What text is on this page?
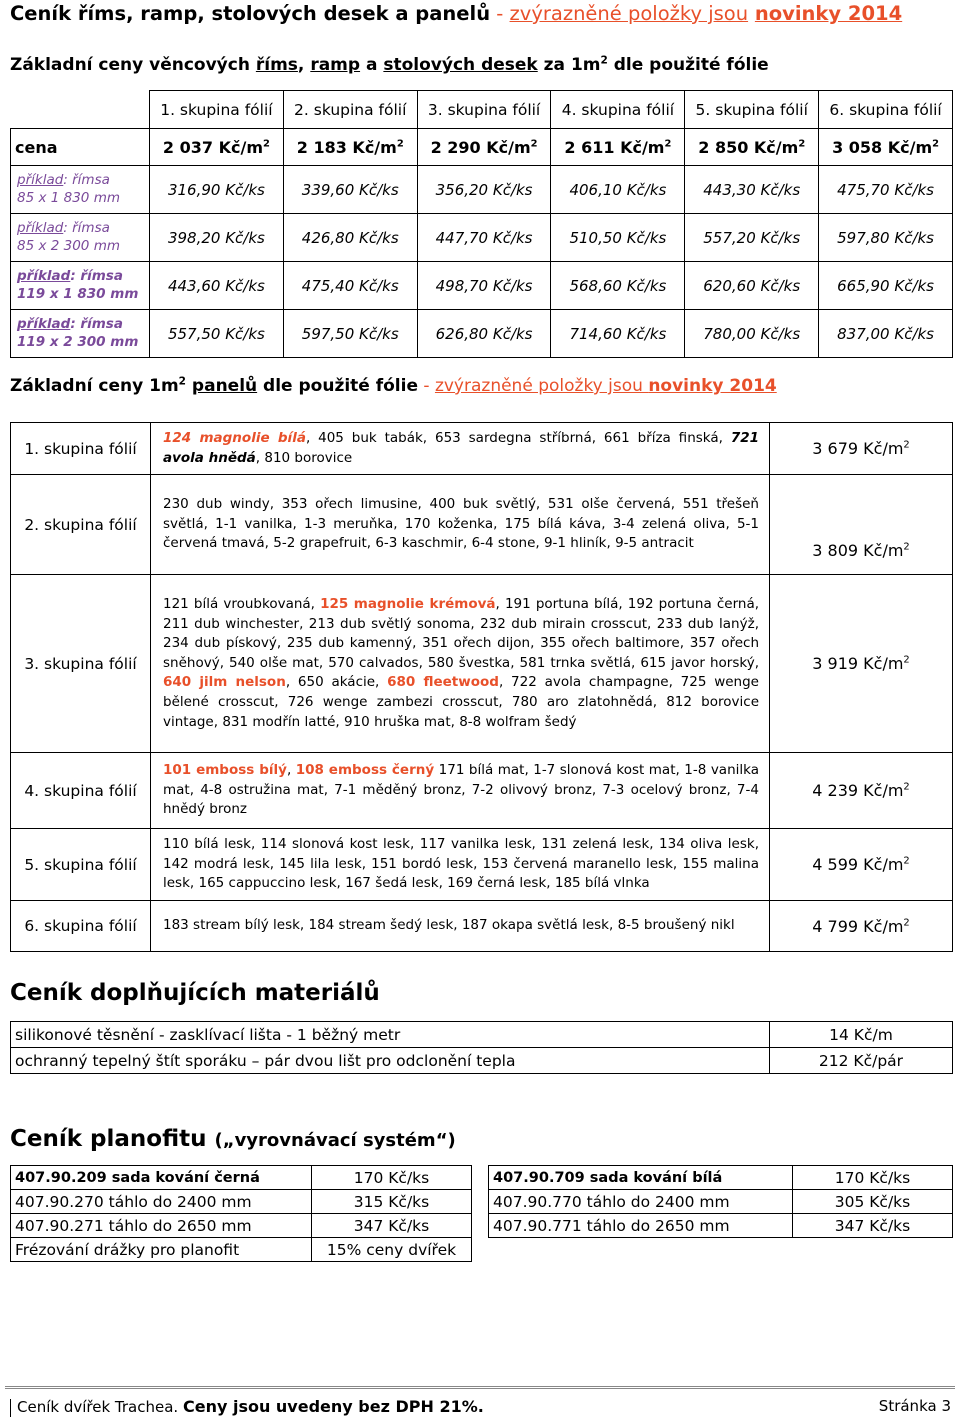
Ceník říms, ramp, stolových desek a panelů - zvýrazněné položky jsou novinky 2014
Základní ceny věncových říms, ramp a stolových desek za $1m^2$ dle použité fólie
	1. skupina fólií	2. skupina fólií	3. skupina fólií	4. skupina fólií	5. skupina fólií	6. skupina fólií
cena	2 037 $Kč/m^2$	2 183 $Kč/m^2$	2 290 $Kč/m^2$	2 611 $Kč/m^2$	2 850 $Kč/m^2$	3 058 $Kč/m^2$
příklad: římsa
85 x 1 830 mm	316,90 Kč/ks	339,60 Kč/ks	356,20 Kč/ks	406,10 Kč/ks	443,30 Kč/ks	475,70 Kč/ks
příklad: římsa
85 x 2 300 mm	398,20 Kč/ks	426,80 Kč/ks	447,70 Kč/ks	510,50 Kč/ks	557,20 Kč/ks	597,80 Kč/ks
příklad: římsa
119 x 1 830 mm	443,60 Kč/ks	475,40 Kč/ks	498,70 Kč/ks	568,60 Kč/ks	620,60 Kč/ks	665,90 Kč/ks
příklad: římsa
119 x 2 300 mm	557,50 Kč/ks	597,50 Kč/ks	626,80 Kč/ks	714,60 Kč/ks	780,00 Kč/ks	837,00 Kč/ks
Základní ceny $1m^2$ panelů dle použité fólie - zvýrazněné položky jsou novinky 2014
1. skupina fólií	124 magnolie bílá, 405 buk tabák, 653 sardegna stříbrná, 661 bříza finská, 721 avola hnědá, 810 borovice	3 679 $Kč/m^2$
2. skupina fólií	230 dub windy, 353 ořech limusine, 400 buk světlý, 531 olše červená, 551 třešeň světlá, 1-1 vanilka, 1-3 meruňka, 170 koženka, 175 bílá káva, 3-4 zelená oliva, 5-1 červená tmavá, 5-2 grapefruit, 6-3 kaschmir, 6-4 stone, 9-1 hliník, 9-5 antracit	3 809 $Kč/m^2$
3. skupina fólií	121 bílá vroubkovaná, 125 magnolie krémová, 191 portuna bílá, 192 portuna černá, 211 dub winchester, 213 dub světlý sonoma, 232 dub mirain crosscut, 233 dub lanýž, 234 dub pískový, 235 dub kamenný, 351 ořech dijon, 355 ořech baltimore, 357 ořech sněhový, 540 olše mat, 570 calvados, 580 švestka, 581 trnka světlá, 615 javor horský, 640 jilm nelson, 650 akácie, 680 fleetwood, 722 avola champagne, 725 wenge bělené crosscut, 726 wenge zambezi crosscut, 780 aro zlatohnědá, 812 borovice vintage, 831 modřín latté, 910 hruška mat, 8-8 wolfram šedý	3 919 $Kč/m^2$
4. skupina fólií	101 emboss bílý, 108 emboss černý 171 bílá mat, 1-7 slonová kost mat, 1-8 vanilka mat, 4-8 ostružina mat, 7-1 měděný bronz, 7-2 olivový bronz, 7-3 ocelový bronz, 7-4 hnědý bronz	4 239 $Kč/m^2$
5. skupina fólií	110 bílá lesk, 114 slonová kost lesk, 117 vanilka lesk, 131 zelená lesk, 134 oliva lesk, 142 modrá lesk, 145 lila lesk, 151 bordó lesk, 153 červená maranello lesk, 155 malina lesk, 165 cappuccino lesk, 167 šedá lesk, 169 černá lesk, 185 bílá vlnka	4 599 $Kč/m^2$
6. skupina fólií	183 stream bílý lesk, 184 stream šedý lesk, 187 okapa světlá lesk, 8-5 broušený nikl	4 799 $Kč/m^2$
Ceník doplňujících materiálů
silikonové těsnění - zasklívací lišta - 1 běžný metr	14 Kč/m
ochranný tepelný štít sporáku – pár dvou lišt pro odclonění tepla	212 Kč/pár
Ceník planofitu („vyrovnávací systém“)
407.90.209 sada kování černá	170 Kč/ks
407.90.270 táhlo do 2400 mm	315 Kč/ks
407.90.271 táhlo do 2650 mm	347 Kč/ks
Frézování drážky pro planofit	15% ceny dvířek
407.90.709 sada kování bílá	170 Kč/ks
407.90.770 táhlo do 2400 mm	305 Kč/ks
407.90.771 táhlo do 2650 mm	347 Kč/ks
Ceník dvířek Trachea. Ceny jsou uvedeny bez DPH 21%.	Stránka 3
